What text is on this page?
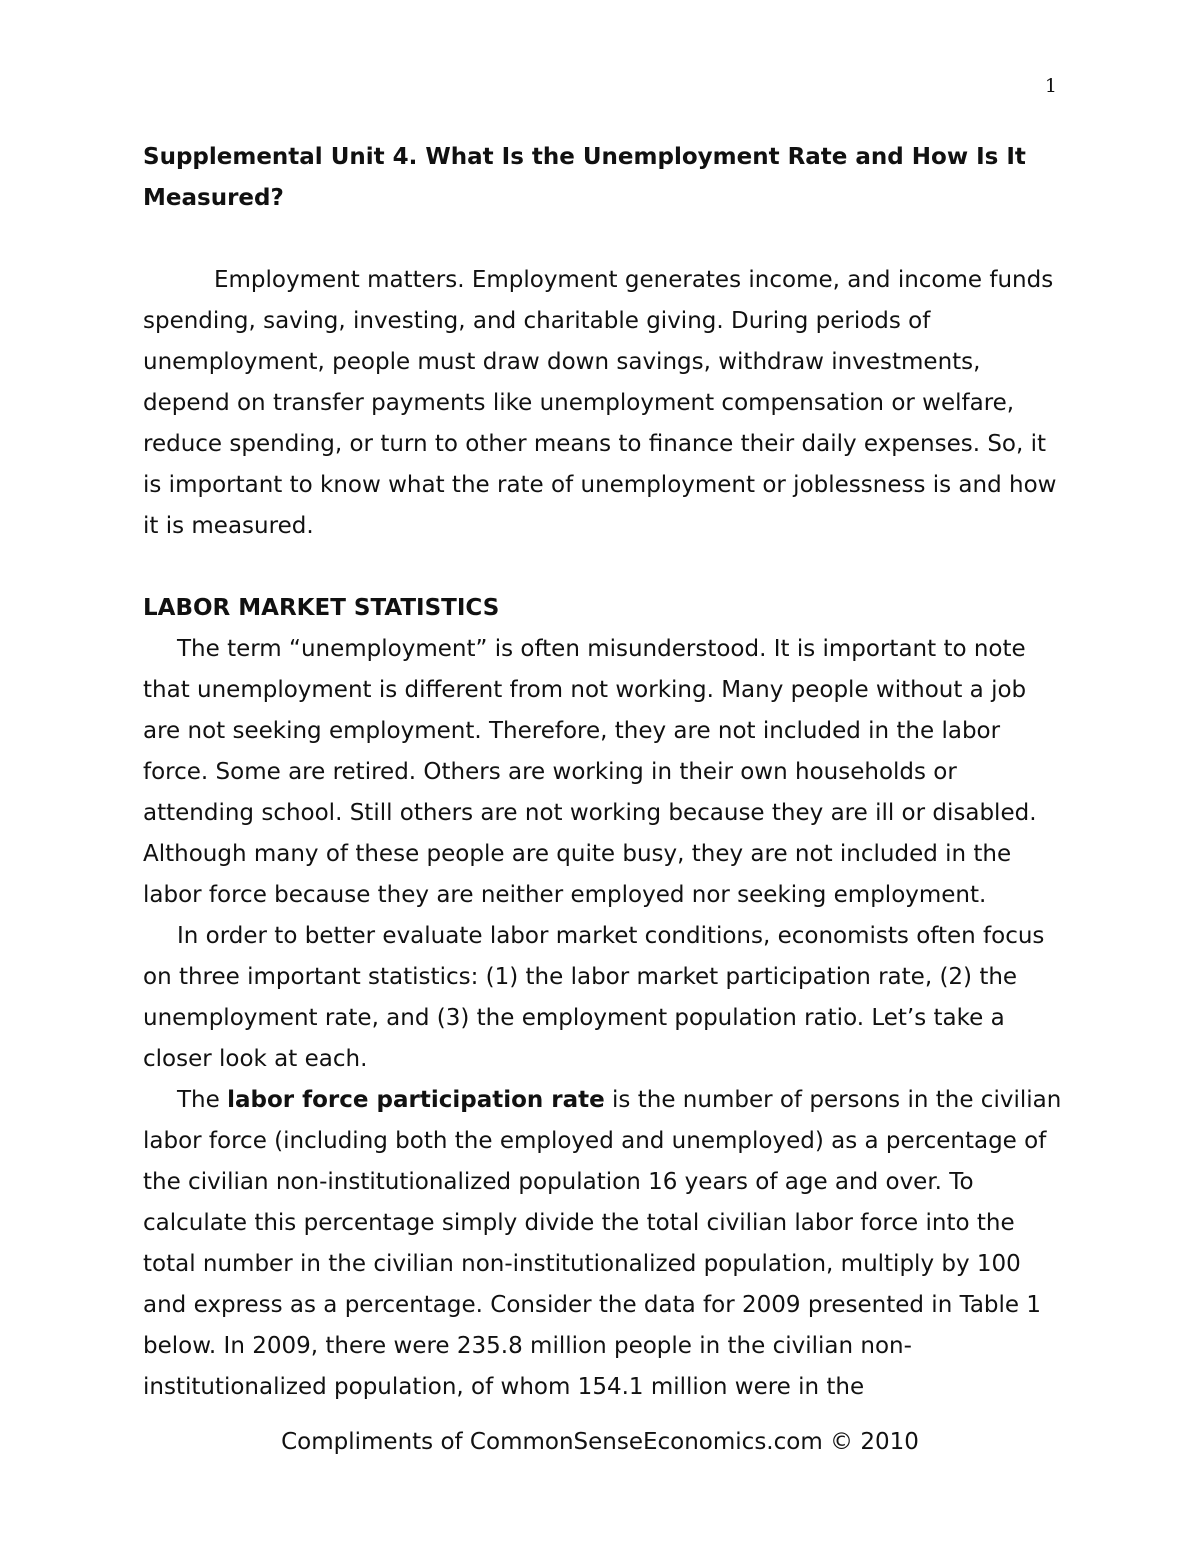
1

Supplemental Unit 4. What Is the Unemployment Rate and How Is It Measured?

Employment matters. Employment generates income, and income funds spending, saving, investing, and charitable giving. During periods of unemployment, people must draw down savings, withdraw investments, depend on transfer payments like unemployment compensation or welfare, reduce spending, or turn to other means to finance their daily expenses. So, it is important to know what the rate of unemployment or joblessness is and how it is measured.

LABOR MARKET STATISTICS

The term “unemployment” is often misunderstood. It is important to note that unemployment is different from not working. Many people without a job are not seeking employment. Therefore, they are not included in the labor force. Some are retired. Others are working in their own households or attending school. Still others are not working because they are ill or disabled. Although many of these people are quite busy, they are not included in the labor force because they are neither employed nor seeking employment.

In order to better evaluate labor market conditions, economists often focus on three important statistics: (1) the labor market participation rate, (2) the unemployment rate, and (3) the employment population ratio. Let’s take a closer look at each.

The labor force participation rate is the number of persons in the civilian labor force (including both the employed and unemployed) as a percentage of the civilian non-institutionalized population 16 years of age and over. To calculate this percentage simply divide the total civilian labor force into the total number in the civilian non-institutionalized population, multiply by 100 and express as a percentage. Consider the data for 2009 presented in Table 1 below. In 2009, there were 235.8 million people in the civilian non-institutionalized population, of whom 154.1 million were in the

Compliments of CommonSenseEconomics.com © 2010
